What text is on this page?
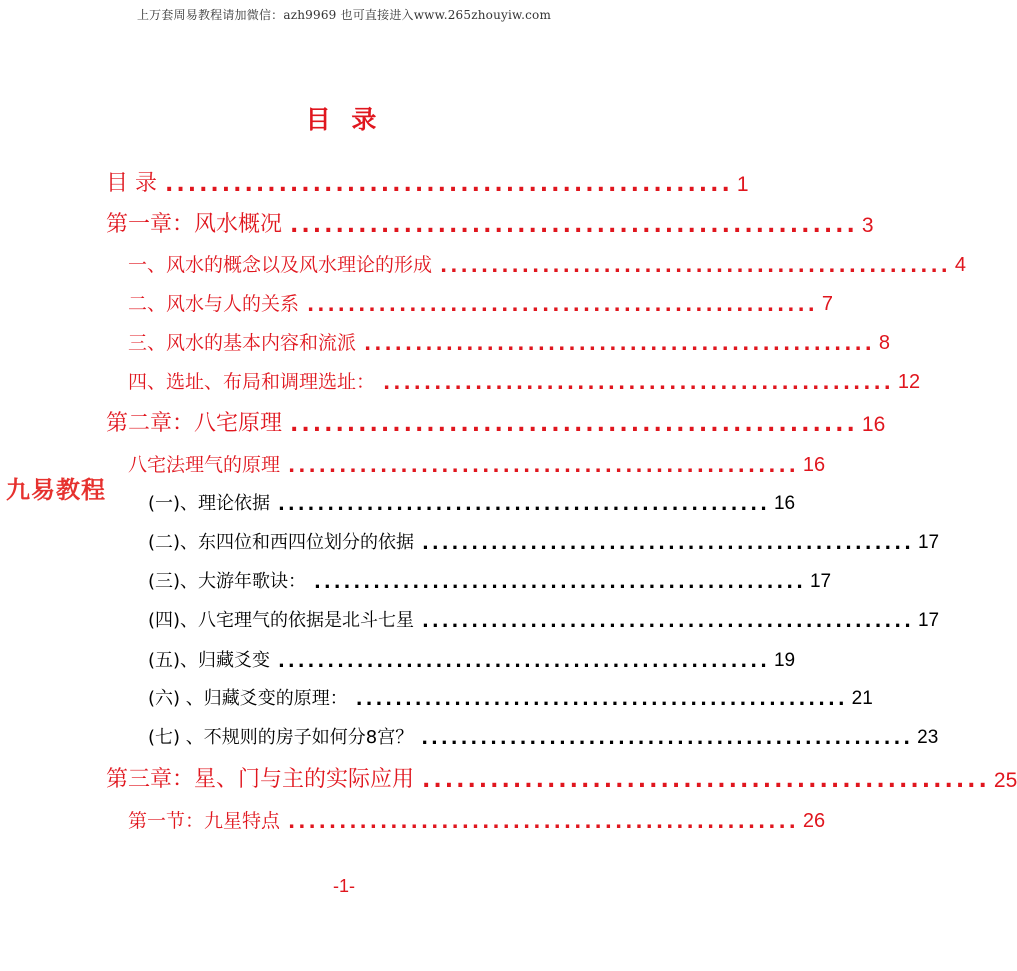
上万套周易教程请加微信：azh9969 也可直接进入www.265zhouyiw.com
目 录
目 录 .................................................. 1
第一章：风水概况 .................................................. 3
一、风水的概念以及风水理论的形成 .................................................. 4
二、风水与人的关系 .................................................. 7
三、风水的基本内容和流派 .................................................. 8
四、选址、布局和调理选址： .................................................. 12
第二章：八宅原理 .................................................. 16
八宅法理气的原理 .................................................. 16
(一)、理论依据 .................................................. 16
(二)、东四位和西四位划分的依据 .................................................. 17
(三)、大游年歌诀： .................................................. 17
(四)、八宅理气的依据是北斗七星 .................................................. 17
(五)、归藏爻变 .................................................. 19
(六) 、归藏爻变的原理： .................................................. 21
(七) 、不规则的房子如何分8宫？ .................................................. 23
第三章：星、门与主的实际应用 .................................................. 25
第一节：九星特点 .................................................. 26
九易教程
-1-
